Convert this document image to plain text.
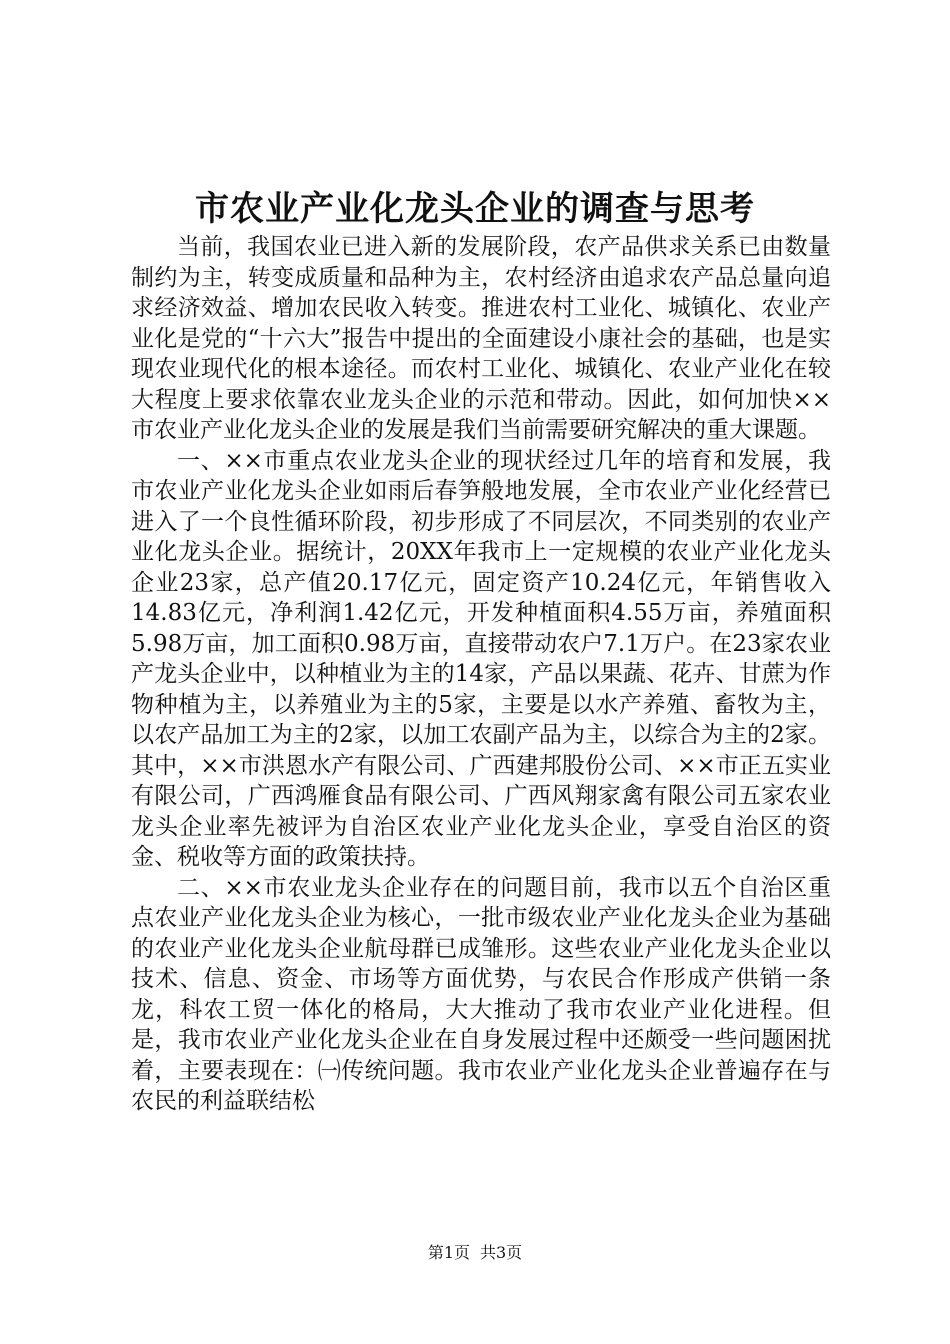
市农业产业化龙头企业的调查与思考

当前，我国农业已进入新的发展阶段，农产品供求关系已由数量制约为主，转变成质量和品种为主，农村经济由追求农产品总量向追求经济效益、增加农民收入转变。推进农村工业化、城镇化、农业产业化是党的“十六大”报告中提出的全面建设小康社会的基础，也是实现农业现代化的根本途径。而农村工业化、城镇化、农业产业化在较大程度上要求依靠农业龙头企业的示范和带动。因此，如何加快××市农业产业化龙头企业的发展是我们当前需要研究解决的重大课题。

一、××市重点农业龙头企业的现状经过几年的培育和发展，我市农业产业化龙头企业如雨后春笋般地发展，全市农业产业化经营已进入了一个良性循环阶段，初步形成了不同层次，不同类别的农业产业化龙头企业。据统计，20XX年我市上一定规模的农业产业化龙头企业23家，总产值20.17亿元，固定资产10.24亿元，年销售收入14.83亿元，净利润1.42亿元，开发种植面积4.55万亩，养殖面积5.98万亩，加工面积0.98万亩，直接带动农户7.1万户。在23家农业产龙头企业中，以种植业为主的14家，产品以果蔬、花卉、甘蔗为作物种植为主，以养殖业为主的5家，主要是以水产养殖、畜牧为主，以农产品加工为主的2家，以加工农副产品为主，以综合为主的2家。其中，××市洪恩水产有限公司、广西建邦股份公司、××市正五实业有限公司，广西鸿雁食品有限公司、广西风翔家禽有限公司五家农业龙头企业率先被评为自治区农业产业化龙头企业，享受自治区的资金、税收等方面的政策扶持。

二、××市农业龙头企业存在的问题目前，我市以五个自治区重点农业产业化龙头企业为核心，一批市级农业产业化龙头企业为基础的农业产业化龙头企业航母群已成雏形。这些农业产业化龙头企业以技术、信息、资金、市场等方面优势，与农民合作形成产供销一条龙，科农工贸一体化的格局，大大推动了我市农业产业化进程。但是，我市农业产业化龙头企业在自身发展过程中还颇受一些问题困扰着，主要表现在：㈠传统问题。我市农业产业化龙头企业普遍存在与农民的利益联结松

第1页 共3页
